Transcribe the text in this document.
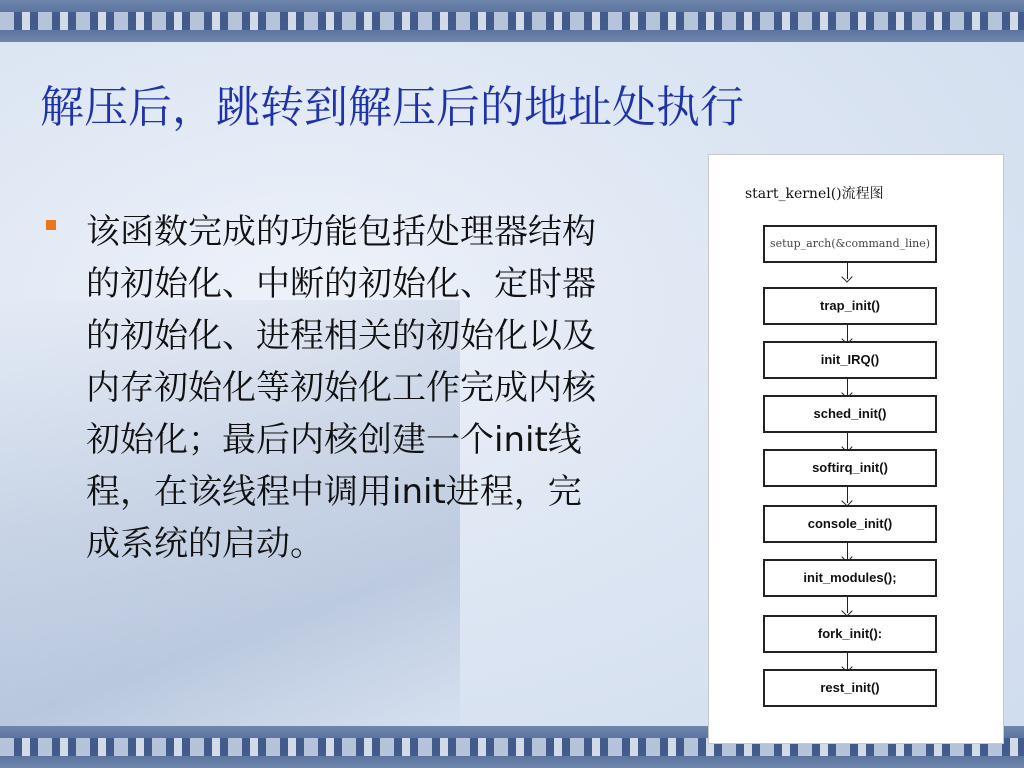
解压后，跳转到解压后的地址处执行
该函数完成的功能包括处理器结构的初始化、中断的初始化、定时器的初始化、进程相关的初始化以及内存初始化等初始化工作完成内核初始化；最后内核创建一个init线程，在该线程中调用init进程，完成系统的启动。
start_kernel()流程图
setup_arch(&command_line)
trap_init()
init_IRQ()
sched_init()
softirq_init()
console_init()
init_modules();
fork_init():
rest_init()
